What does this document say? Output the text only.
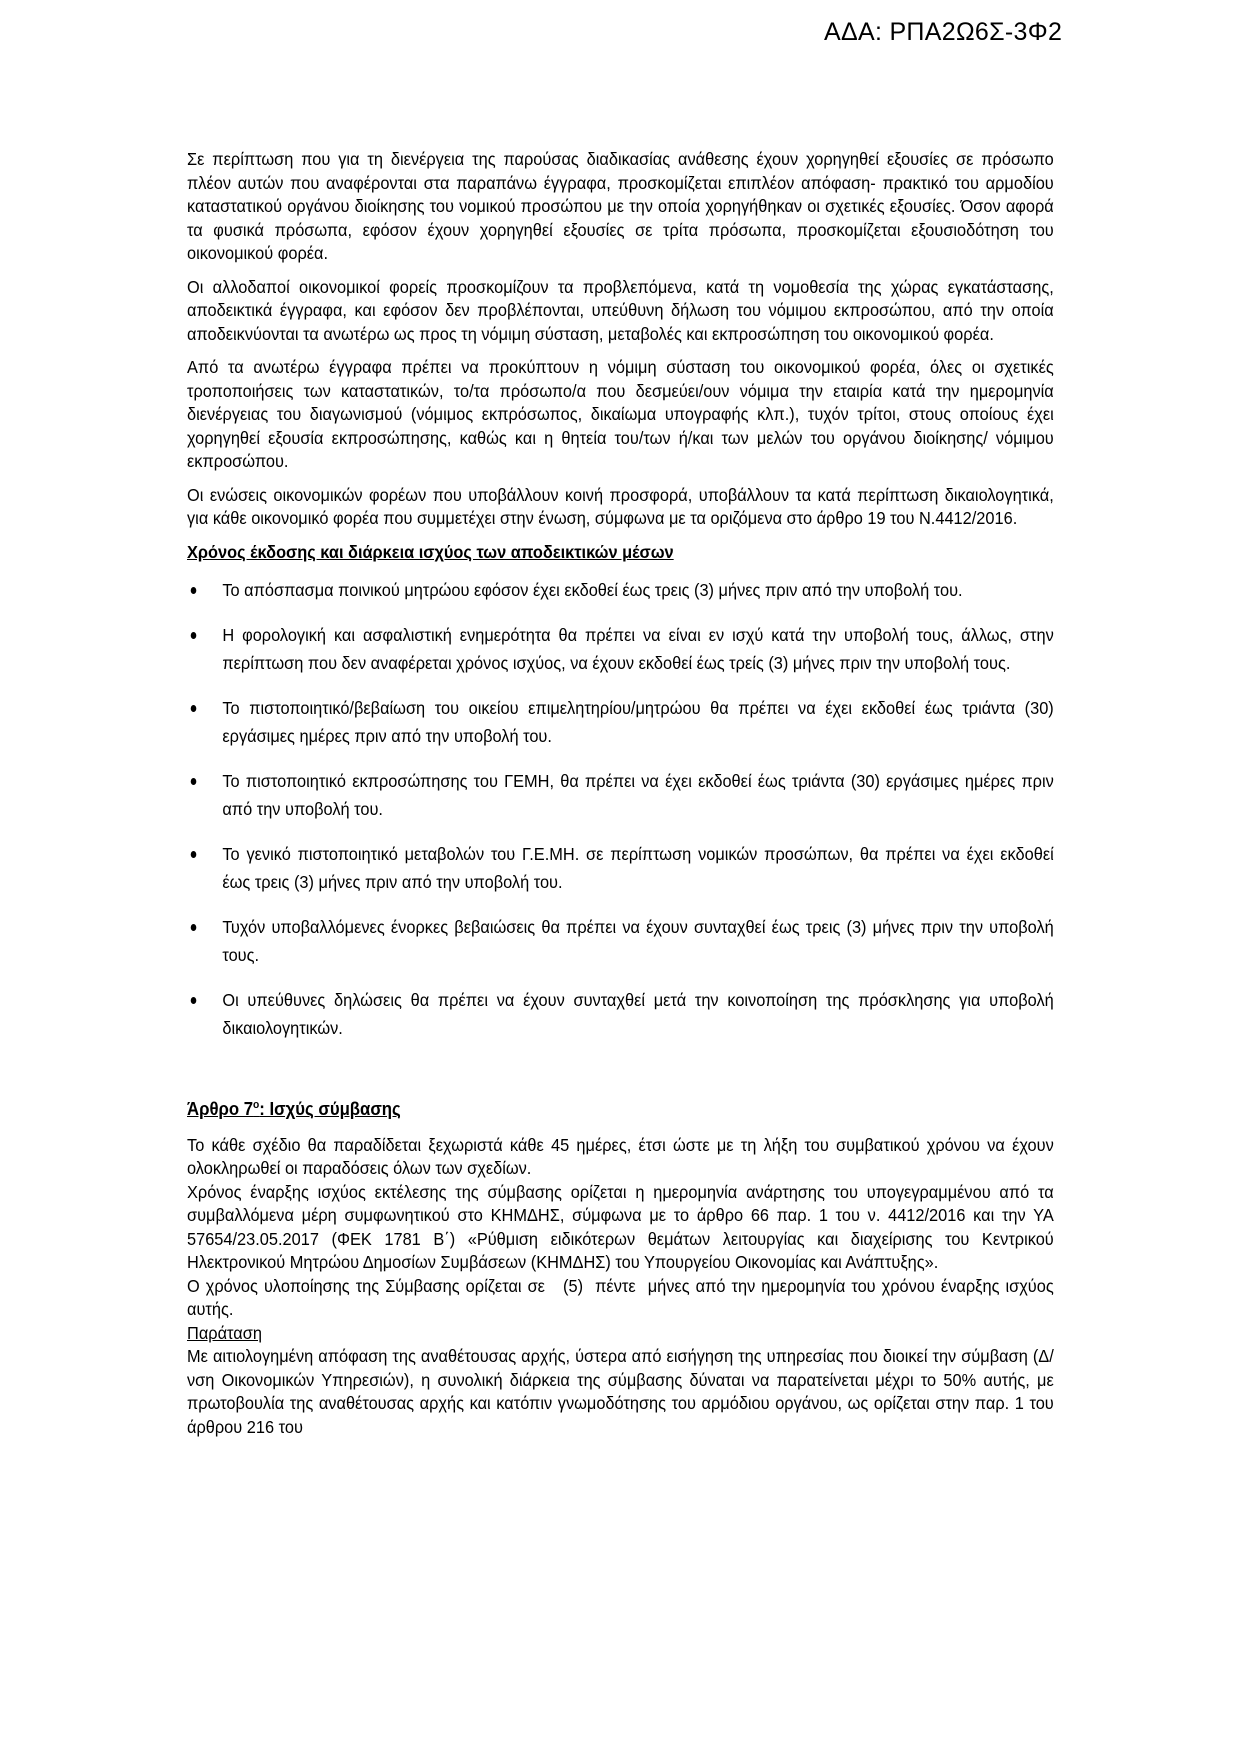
ΑΔΑ: ΡΠΑ2Ω6Σ-3Φ2

Σε περίπτωση που για τη διενέργεια της παρούσας διαδικασίας ανάθεσης έχουν χορηγηθεί εξουσίες σε πρόσωπο πλέον αυτών που αναφέρονται στα παραπάνω έγγραφα, προσκομίζεται επιπλέον απόφαση- πρακτικό του αρμοδίου καταστατικού οργάνου διοίκησης του νομικού προσώπου με την οποία χορηγήθηκαν οι σχετικές εξουσίες. Όσον αφορά τα φυσικά πρόσωπα, εφόσον έχουν χορηγηθεί εξουσίες σε τρίτα πρόσωπα, προσκομίζεται εξουσιοδότηση του οικονομικού φορέα.

Οι αλλοδαποί οικονομικοί φορείς προσκομίζουν τα προβλεπόμενα, κατά τη νομοθεσία της χώρας εγκατάστασης, αποδεικτικά έγγραφα, και εφόσον δεν προβλέπονται, υπεύθυνη δήλωση του νόμιμου εκπροσώπου, από την οποία αποδεικνύονται τα ανωτέρω ως προς τη νόμιμη σύσταση, μεταβολές και εκπροσώπηση του οικονομικού φορέα.

Από τα ανωτέρω έγγραφα πρέπει να προκύπτουν η νόμιμη σύσταση του οικονομικού φορέα, όλες οι σχετικές τροποποιήσεις των καταστατικών, το/τα πρόσωπο/α που δεσμεύει/ουν νόμιμα την εταιρία κατά την ημερομηνία διενέργειας του διαγωνισμού (νόμιμος εκπρόσωπος, δικαίωμα υπογραφής κλπ.), τυχόν τρίτοι, στους οποίους έχει χορηγηθεί εξουσία εκπροσώπησης, καθώς και η θητεία του/των ή/και των μελών του οργάνου διοίκησης/ νόμιμου εκπροσώπου.

Οι ενώσεις οικονομικών φορέων που υποβάλλουν κοινή προσφορά, υποβάλλουν τα κατά περίπτωση δικαιολογητικά, για κάθε οικονομικό φορέα που συμμετέχει στην ένωση, σύμφωνα με τα οριζόμενα στο άρθρο 19 του Ν.4412/2016.

Χρόνος έκδοσης και διάρκεια ισχύος των αποδεικτικών μέσων
Το απόσπασμα ποινικού μητρώου εφόσον έχει εκδοθεί έως τρεις (3) μήνες πριν από την υποβολή του.
Η φορολογική και ασφαλιστική ενημερότητα θα πρέπει να είναι εν ισχύ κατά την υποβολή τους, άλλως, στην περίπτωση που δεν αναφέρεται χρόνος ισχύος, να έχουν εκδοθεί έως τρείς (3) μήνες πριν την υποβολή τους.
Το πιστοποιητικό/βεβαίωση του οικείου επιμελητηρίου/μητρώου θα πρέπει να έχει εκδοθεί έως τριάντα (30) εργάσιμες ημέρες πριν από την υποβολή του.
Το πιστοποιητικό εκπροσώπησης του ΓΕΜΗ, θα πρέπει να έχει εκδοθεί έως τριάντα (30) εργάσιμες ημέρες πριν από την υποβολή του.
Το γενικό πιστοποιητικό μεταβολών του Γ.Ε.ΜΗ. σε περίπτωση νομικών προσώπων, θα πρέπει να έχει εκδοθεί έως τρεις (3) μήνες πριν από την υποβολή του.
Τυχόν υποβαλλόμενες ένορκες βεβαιώσεις θα πρέπει να έχουν συνταχθεί έως τρεις (3) μήνες πριν την υποβολή τους.
Οι υπεύθυνες δηλώσεις θα πρέπει να έχουν συνταχθεί μετά την κοινοποίηση της πρόσκλησης για υποβολή δικαιολογητικών.
Άρθρο $7^o$: Ισχύς σύμβασης

Το κάθε σχέδιο θα παραδίδεται ξεχωριστά κάθε 45 ημέρες, έτσι ώστε με τη λήξη του συμβατικού χρόνου να έχουν ολοκληρωθεί οι παραδόσεις όλων των σχεδίων.

Χρόνος έναρξης ισχύος εκτέλεσης της σύμβασης ορίζεται η ημερομηνία ανάρτησης του υπογεγραμμένου από τα συμβαλλόμενα μέρη συμφωνητικού στο ΚΗΜΔΗΣ, σύμφωνα με το άρθρο 66 παρ. 1 του ν. 4412/2016 και την ΥΑ 57654/23.05.2017 (ΦΕΚ 1781 Β΄) «Ρύθμιση ειδικότερων θεμάτων λειτουργίας και διαχείρισης του Κεντρικού Ηλεκτρονικού Μητρώου Δημοσίων Συμβάσεων (ΚΗΜΔΗΣ) του Υπουργείου Οικονομίας και Ανάπτυξης».

Ο χρόνος υλοποίησης της Σύμβασης ορίζεται σε   (5)  πέντε  μήνες από την ημερομηνία του χρόνου έναρξης ισχύος αυτής.

Παράταση

Με αιτιολογημένη απόφαση της αναθέτουσας αρχής, ύστερα από εισήγηση της υπηρεσίας που διοικεί την σύμβαση (Δ/νση Οικονομικών Υπηρεσιών), η συνολική διάρκεια της σύμβασης δύναται να παρατείνεται μέχρι το 50% αυτής, με πρωτοβουλία της αναθέτουσας αρχής και κατόπιν γνωμοδότησης του αρμόδιου οργάνου, ως ορίζεται στην παρ. 1 του άρθρου 216 του
